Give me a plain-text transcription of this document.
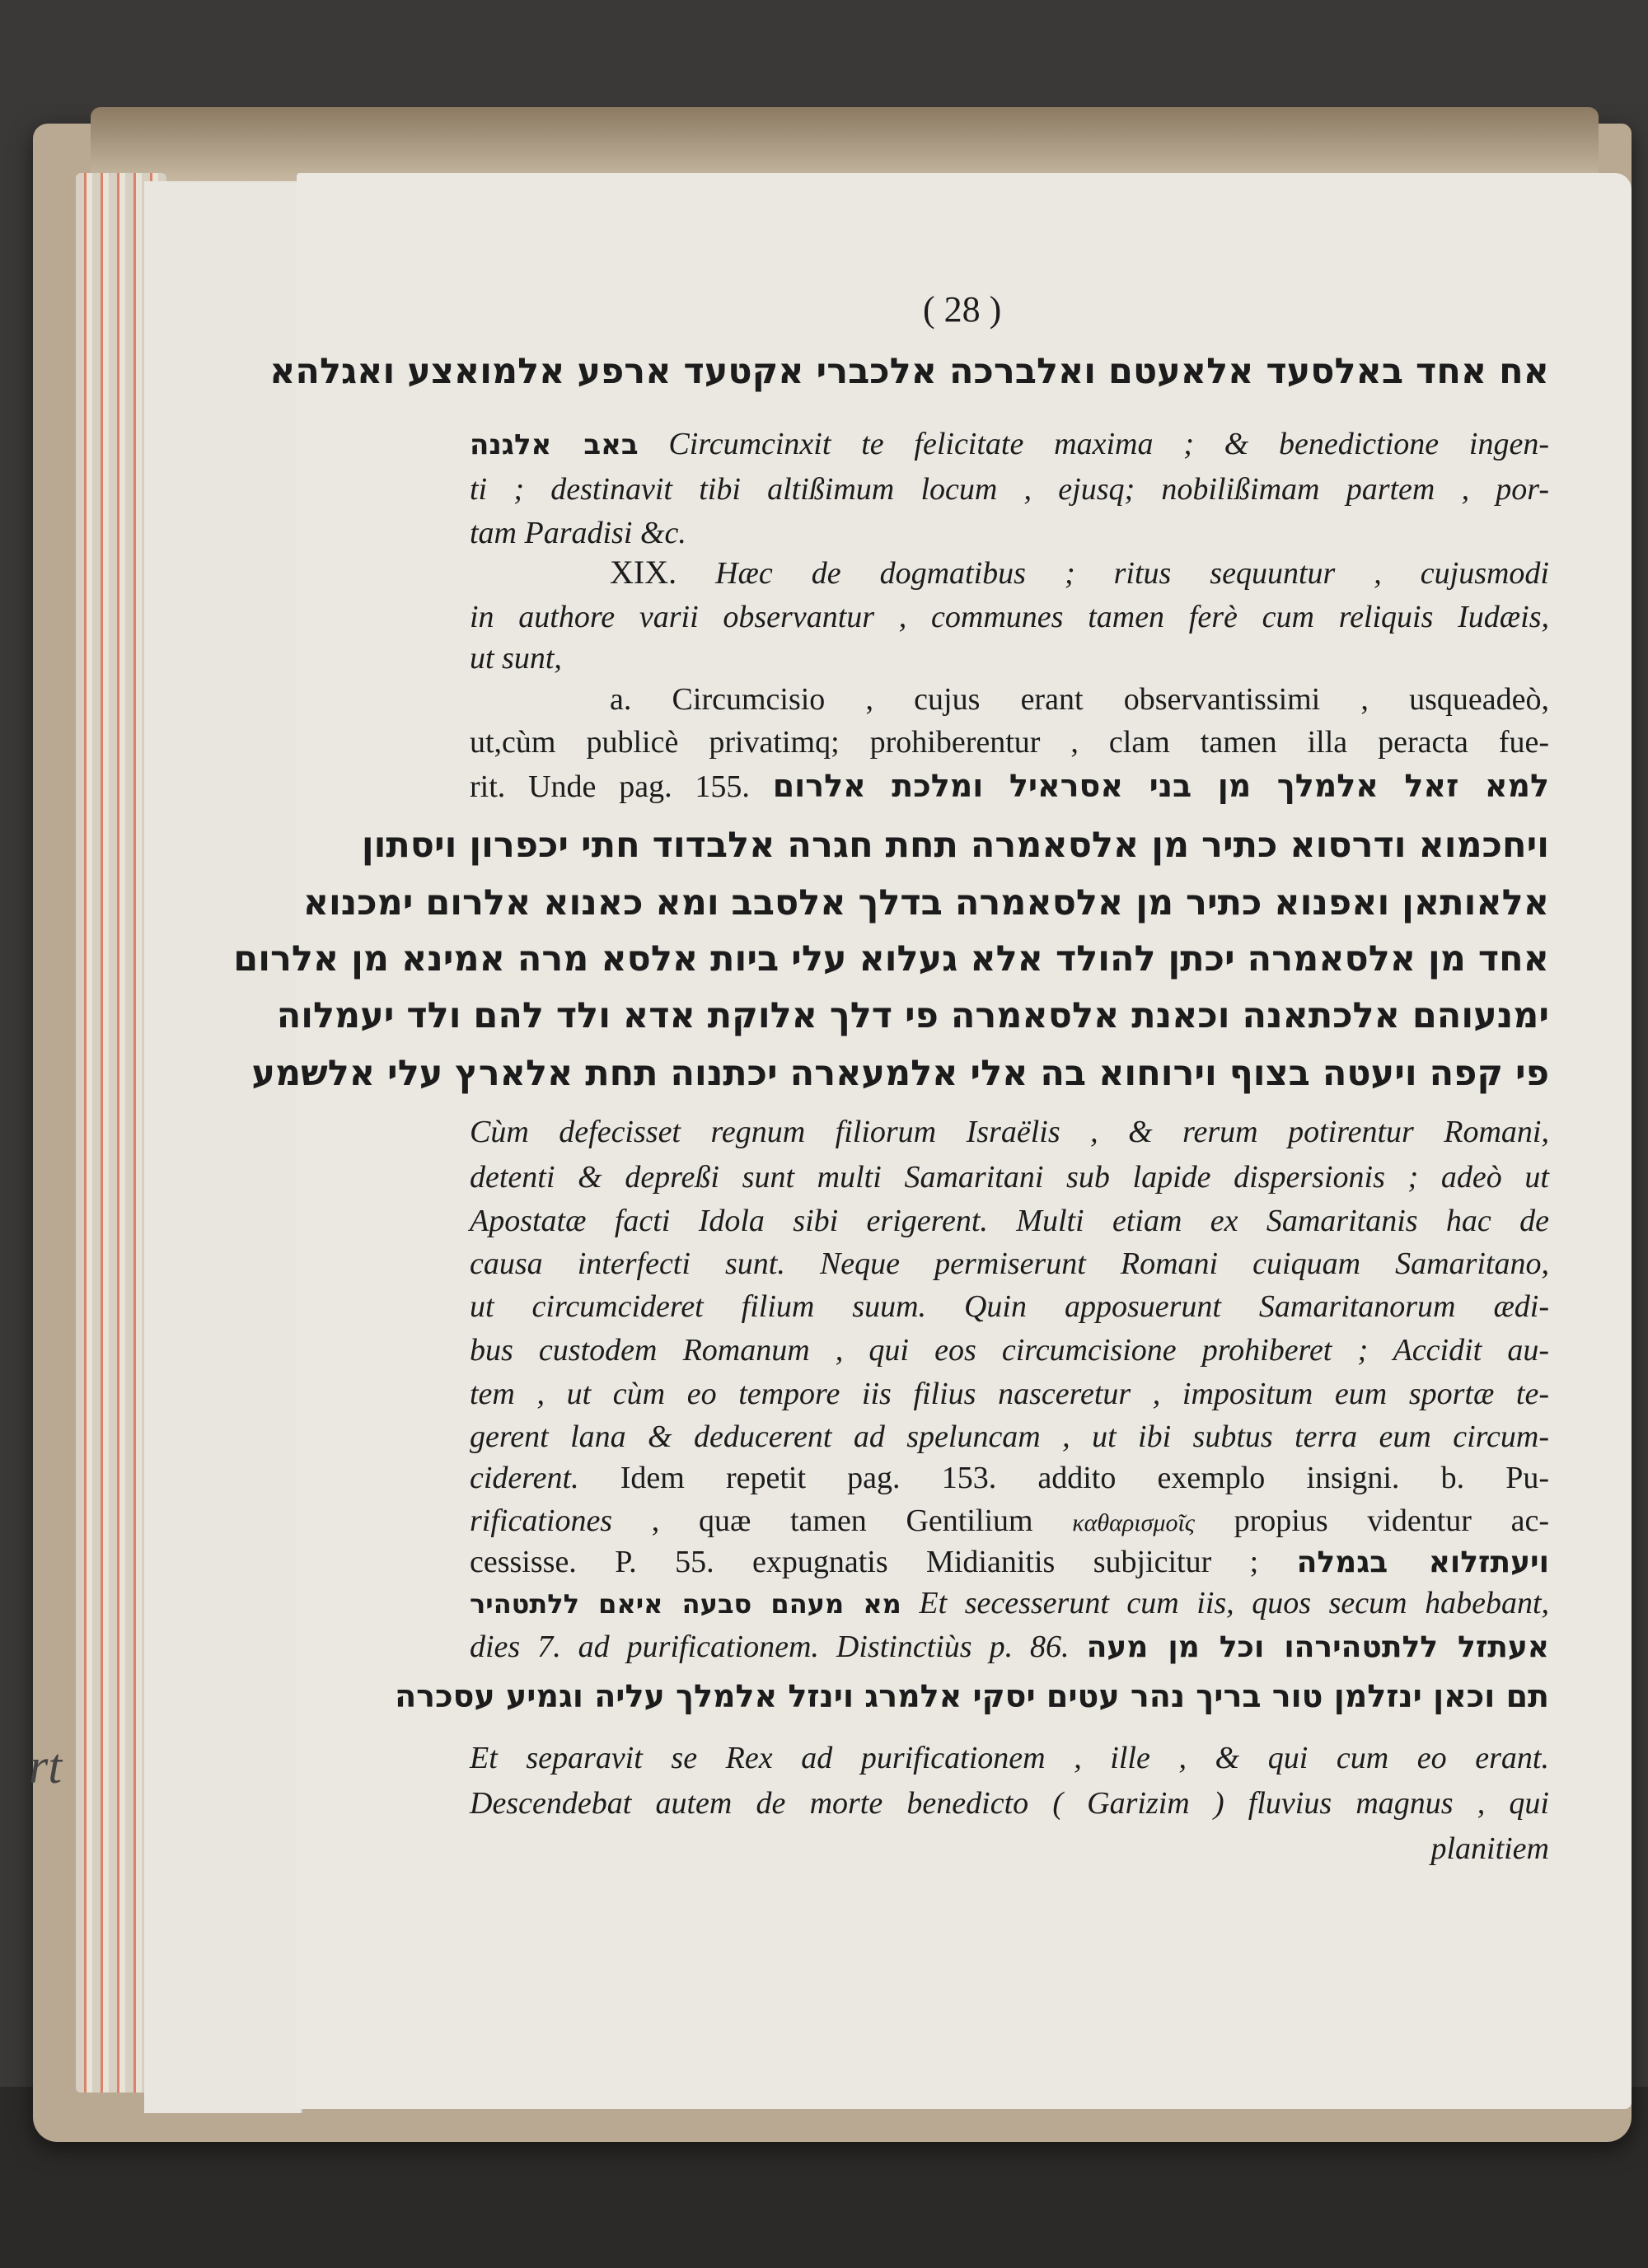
rt
( 28 )
אח אחד באלסעד אלאעטם ואלברכה אלכברי אקטעד ארפע אלמואצע ואגלהא
באב אלגנה Circumcinxit te felicitate maxima ; & benedictione ingen-
ti ; destinavit tibi altißimum locum , ejusq; nobilißimam partem , por-
tam Paradisi &c.
XIX. Hæc de dogmatibus ; ritus sequuntur , cujusmodi
in authore varii observantur , communes tamen ferè cum reliquis Iudæis,
ut sunt,
a. Circumcisio , cujus erant observantissimi , usqueadeò,
ut,cùm publicè privatimq; prohiberentur , clam tamen illa peracta fue-
rit. Unde pag. 155. למא זאל אלמלך מן בני אסראיל ומלכת אלרום
ויחכמוא ודרסוא כתיר מן אלסאמרה תחת חגרה אלבדוד חתי יכפרון ויסתון
אלאותאן ואפנוא כתיר מן אלסאמרה בדלך אלסבב ומא כאנוא אלרום ימכנוא
אחד מן אלסאמרה יכתן להולד אלא געלוא עלי ביות אלסא מרה אמינא מן אלרום
ימנעוהם אלכתאנה וכאנת אלסאמרה פי דלך אלוקת אדא ולד להם ולד יעמלוה
פי קפה ויעטה בצוף וירוחוא בה אלי אלמעארה יכתנוה תחת אלארץ עלי אלשמע
Cùm defecisset regnum filiorum Israëlis , & rerum potirentur Romani,
detenti & depreßi sunt multi Samaritani sub lapide dispersionis ; adeò ut
Apostatæ facti Idola sibi erigerent. Multi etiam ex Samaritanis hac de
causa interfecti sunt. Neque permiserunt Romani cuiquam Samaritano,
ut circumcideret filium suum. Quin apposuerunt Samaritanorum ædi-
bus custodem Romanum , qui eos circumcisione prohiberet ; Accidit au-
tem , ut cùm eo tempore iis filius nasceretur , impositum eum sportæ te-
gerent lana & deducerent ad speluncam , ut ibi subtus terra eum circum-
ciderent. Idem repetit pag. 153. addito exemplo insigni. b. Pu-
rificationes , quæ tamen Gentilium καθαρισμοῖς propius videntur ac-
cessisse. P. 55. expugnatis Midianitis subjicitur ; ויעתזלוא בגמלה
מא מעהם סבעה איאם ללתטהיר Et secesserunt cum iis, quos secum habebant,
dies 7. ad purificationem. Distinctiùs p. 86. אעתזל ללתטהירהו וכל מן מעה
תם וכאן ינזלמן טור בריך נהר עטים יסקי אלמרג וינזל אלמלך עליה וגמיע עסכרה
Et separavit se Rex ad purificationem , ille , & qui cum eo erant.
Descendebat autem de morte benedicto ( Garizim ) fluvius magnus , qui
planitiem
